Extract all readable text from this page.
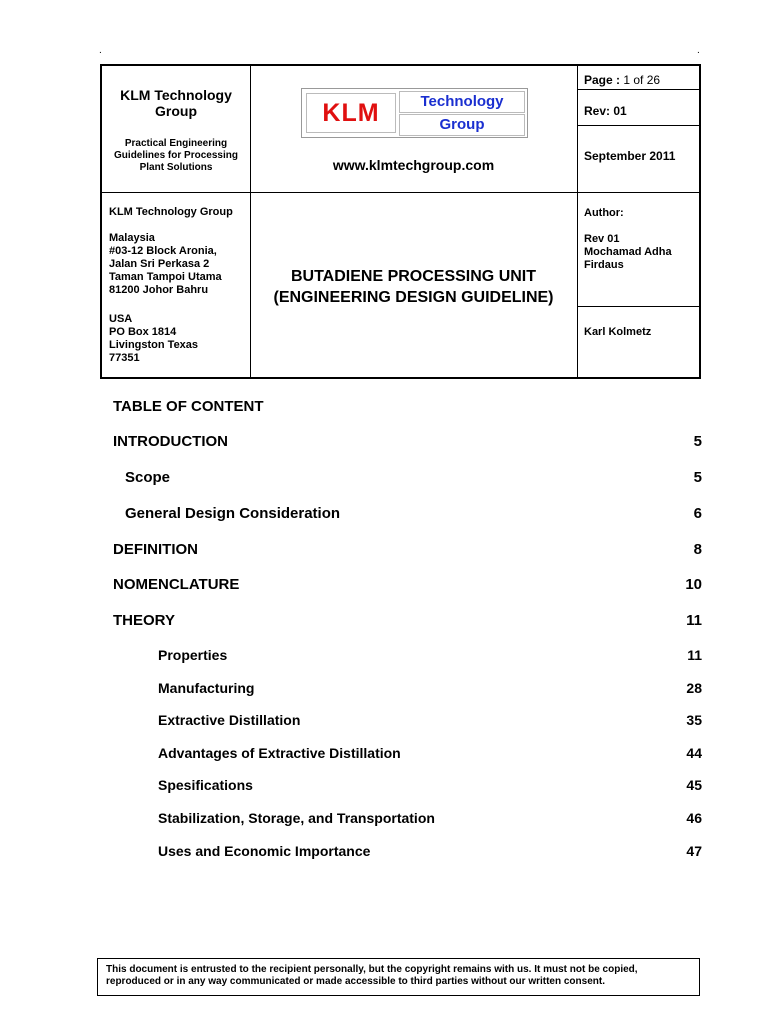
.	.
KLM Technology Group
Practical Engineering Guidelines for Processing Plant Solutions
KLM	Technology
Group
www.klmtechgroup.com
Page : 1 of 26
Rev: 01
September 2011
KLM Technology Group
Malaysia
#03-12 Block Aronia,
Jalan Sri Perkasa 2
Taman Tampoi Utama
81200 Johor Bahru
USA
PO Box 1814
Livingston Texas
77351
BUTADIENE PROCESSING UNIT
(ENGINEERING DESIGN GUIDELINE)
Author:
Rev 01
Mochamad Adha
Firdaus
Karl Kolmetz
TABLE OF CONTENT
INTRODUCTION	5
Scope	5
General Design Consideration	6
DEFINITION	8
NOMENCLATURE	10
THEORY	11
Properties	11
Manufacturing	28
Extractive Distillation	35
Advantages of Extractive Distillation	44
Spesifications	45
Stabilization, Storage, and Transportation	46
Uses and Economic Importance	47
This document is entrusted to the recipient personally, but the copyright remains with us. It must not be copied, reproduced or in any way communicated or made accessible to third parties without our written consent.
